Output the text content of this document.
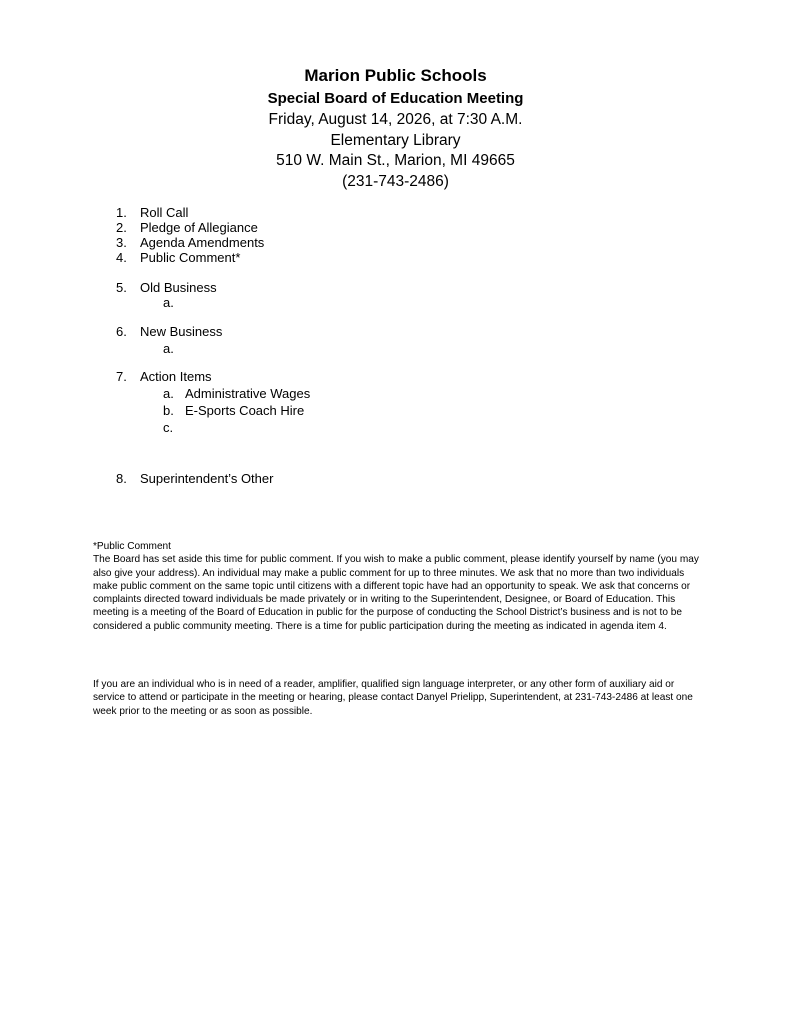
Marion Public Schools
Special Board of Education Meeting
Friday, August 14, 2026, at 7:30 A.M.
Elementary Library
510 W. Main St., Marion, MI 49665
(231-743-2486)
1.	Roll Call
2.	Pledge of Allegiance
3.	Agenda Amendments
4.	Public Comment*
5.	Old Business
a.
6.	New Business
a.
7.	Action Items
a. Administrative Wages
b. E-Sports Coach Hire
c.
8.	Superintendent’s Other

*Public Comment

The Board has set aside this time for public comment. If you wish to make a public comment, please identify yourself by name (you may also give your address). An individual may make a public comment for up to three minutes. We ask that no more than two individuals make public comment on the same topic until citizens with a different topic have had an opportunity to speak. We ask that concerns or complaints directed toward individuals be made privately or in writing to the Superintendent, Designee, or Board of Education. This meeting is a meeting of the Board of Education in public for the purpose of conducting the School District’s business and is not to be considered a public community meeting. There is a time for public participation during the meeting as indicated in agenda item 4.

If you are an individual who is in need of a reader, amplifier, qualified sign language interpreter, or any other form of auxiliary aid or service to attend or participate in the meeting or hearing, please contact Danyel Prielipp, Superintendent, at 231-743-2486 at least one week prior to the meeting or as soon as possible.
